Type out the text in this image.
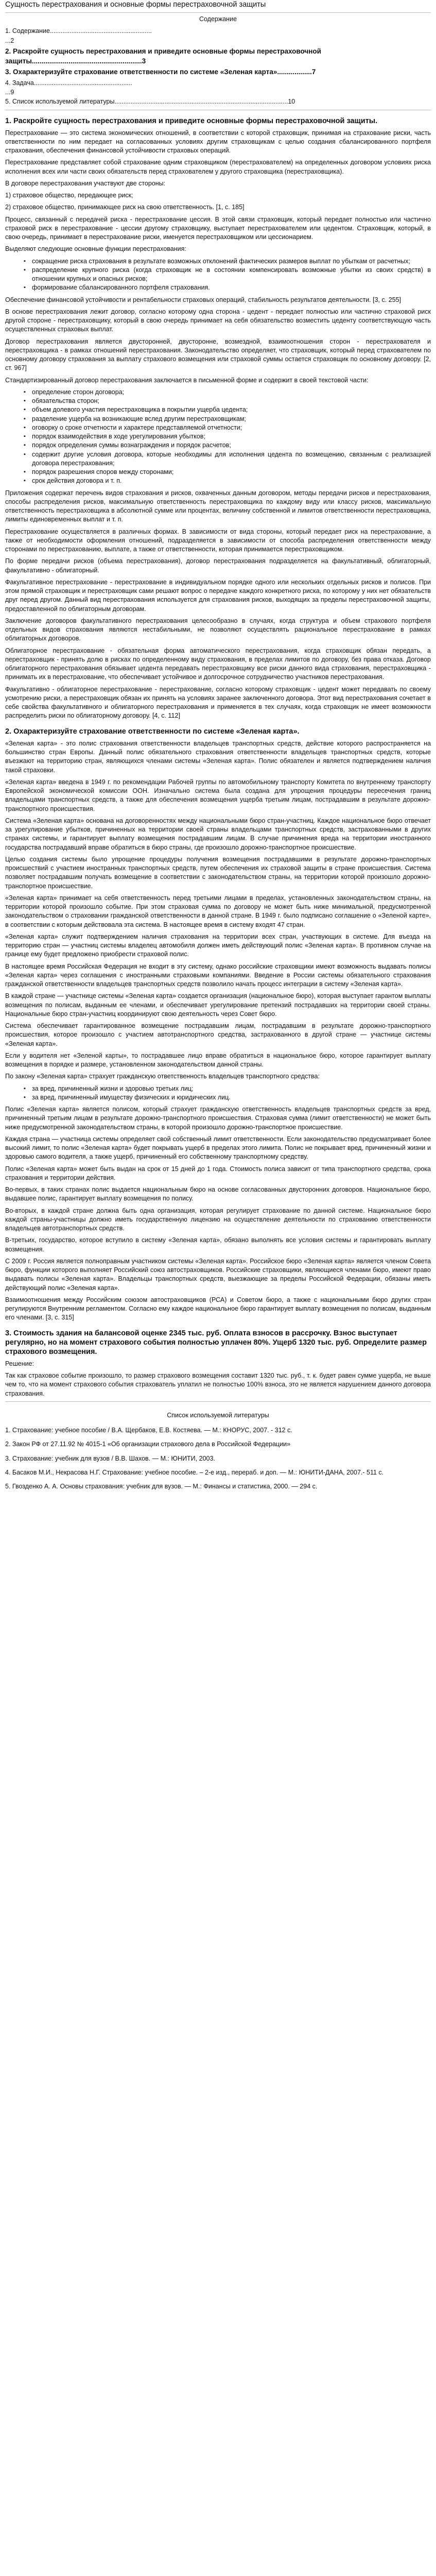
Сущность перестрахования и основные формы перестраховочной защиты
Содержание
1. Содержание.........................................................
...2
2. Раскройте сущность перестрахования и приведите основные формы перестраховочной защиты.........................................................3
3. Охарактеризуйте страхование ответственности по системе «Зеленая карта»..................7
4. Задача.......................................................
...9
5. Список используемой литературы.................................................................................................10
1. Раскройте сущность перестрахования и приведите основные формы перестраховочной защиты.

Перестрахование — это система экономических отношений, в соответствии с которой страховщик, принимая на страхование риски, часть ответственности по ним передает на согласованных условиях другим страховщикам с целью создания сбалансированного портфеля страхования, обеспечения финансовой устойчивости страховых операций.

Перестрахование представляет собой страхование одним страховщиком (перестрахователем) на определенных договором условиях риска исполнения всех или части своих обязательств перед страхователем у другого страховщика (перестраховщика).

В договоре перестрахования участвуют две стороны:

1) страховое общество, передающее риск;

2) страховое общество, принимающее риск на свою ответственность. [1, с. 185]

Процесс, связанный с передачей риска - перестрахование цессия. В этой связи страховщик, который передает полностью или частично страховой риск в перестрахование - цессии другому страховщику, выступает перестрахователем или цедентом. Страховщик, который, в свою очередь, принимает в перестрахование риски, именуется перестраховщиком или цессионарием.

Выделяют следующие основные функции перестрахования:

▪ сокращение риска страхования в результате возможных отклонений фактических размеров выплат по убыткам от расчетных;
▪ распределение крупного риска (когда страховщик не в состоянии компенсировать возможные убытки из своих средств) в отношении крупных и опасных рисков;
▪ формирование сбалансированного портфеля страхования.

Обеспечение финансовой устойчивости и рентабельности страховых операций, стабильность результатов деятельности. [3, с. 255]

В основе перестрахования лежит договор, согласно которому одна сторона - цедент - передает полностью или частично страховой риск другой стороне - перестраховщику, который в свою очередь принимает на себя обязательство возместить цеденту соответствующую часть осуществленных страховых выплат.

Договор перестрахования является двусторонней, двусторонне, возмездной, взаимоотношения сторон - перестрахователя и перестраховщика - в рамках отношений перестрахования. Законодательство определяет, что страховщик, который перед страхователем по основному договору страхования за выплату страхового возмещения или страховой суммы остается страховщик по основному договору. [2, ст. 967]

Стандартизированный договор перестрахования заключается в письменной форме и содержит в своей текстовой части:

▪ определение сторон договора;
▪ обязательства сторон;
▪ объем долевого участия перестраховщика в покрытии ущерба цедента;
▪ разделение ущерба на возникающие вслед другим перестраховщикам;
▪ оговорку о сроке отчетности и характере представляемой отчетности;
▪ порядок взаимодействия в ходе урегулирования убытков;
▪ порядок определения суммы вознаграждения и порядок расчетов;
▪ содержит другие условия договора, которые необходимы для исполнения цедента по возмещению, связанным с реализацией договора перестрахования;
▪ порядок разрешения споров между сторонами;
▪ срок действия договора и т. п.

Приложения содержат перечень видов страхования и рисков, охваченных данным договором, методы передачи рисков и перестрахования, способы распределения рисков, максимальную ответственность перестраховщика по каждому виду или классу рисков, максимальную ответственность перестраховщика в абсолютной сумме или процентах, величину собственной и лимитов ответственности перестраховщика, лимиты единовременных выплат и т. п.

Перестрахование осуществляется в различных формах. В зависимости от вида стороны, который передает риск на перестрахование, а также от необходимости оформления отношений, подразделяется в зависимости от способа распределения ответственности между сторонами по перестрахованию, выплате, а также от ответственности, которая принимается перестраховщиком.

По форме передачи рисков (объема перестрахования), договор перестрахования подразделяется на факультативный, облигаторный, факультативно - облигаторный.

Факультативное перестрахование - перестрахование в индивидуальном порядке одного или нескольких отдельных рисков и полисов. При этом прямой страховщик и перестраховщик сами решают вопрос о передаче каждого конкретного риска, по которому у них нет обязательств друг перед другом. Данный вид перестрахования используется для страхования рисков, выходящих за пределы перестраховочной защиты, предоставленной по облигаторным договорам.

Заключение договоров факультативного перестрахования целесообразно в случаях, когда структура и объем страхового портфеля отдельных видов страхования являются нестабильными, не позволяют осуществлять рациональное перестрахование в рамках облигаторных договоров.

Облигаторное перестрахование - обязательная форма автоматического перестрахования, когда страховщик обязан передать, а перестраховщик - принять долю в рисках по определенному виду страхования, в пределах лимитов по договору, без права отказа. Договор облигаторного перестрахования обязывает цедента передавать перестраховщику все риски данного вида страхования, перестраховщика - принимать их в перестрахование, что обеспечивает устойчивое и долгосрочное сотрудничество участников перестрахования.

Факультативно - облигаторное перестрахование - перестрахование, согласно которому страховщик - цедент может передавать по своему усмотрению риски, а перестраховщик обязан их принять на условиях заранее заключенного договора. Этот вид перестрахования сочетает в себе свойства факультативного и облигаторного перестрахования и применяется в тех случаях, когда страховщик не имеет возможности распределить риски по облигаторному договору. [4, с. 112]

2. Охарактеризуйте страхование ответственности по системе «Зеленая карта».

«Зеленая карта» - это полис страхования ответственности владельцев транспортных средств, действие которого распространяется на большинство стран Европы. Данный полис обязательного страхования ответственности владельцев транспортных средств, которые въезжают на территорию стран, являющихся членами системы «Зеленая карта». Полис обязателен и является подтверждением наличия такой страховки.

«Зеленая карта» введена в 1949 г. по рекомендации Рабочей группы по автомобильному транспорту Комитета по внутреннему транспорту Европейской экономической комиссии ООН. Изначально система была создана для упрощения процедуры пересечения границ владельцами транспортных средств, а также для обеспечения возмещения ущерба третьим лицам, пострадавшим в результате дорожно-транспортного происшествия.

Система «Зеленая карта» основана на договоренностях между национальными бюро стран-участниц. Каждое национальное бюро отвечает за урегулирование убытков, причиненных на территории своей страны владельцами транспортных средств, застрахованными в других странах системы, и гарантирует выплату возмещения пострадавшим лицам. В случае причинения вреда на территории иностранного государства пострадавший вправе обратиться в бюро страны, где произошло дорожно-транспортное происшествие.

Целью создания системы было упрощение процедуры получения возмещения пострадавшими в результате дорожно-транспортных происшествий с участием иностранных транспортных средств, путем обеспечения их страховой защиты в стране происшествия. Система позволяет пострадавшим получать возмещение в соответствии с законодательством страны, на территории которой произошло дорожно-транспортное происшествие.

«Зеленая карта» принимает на себя ответственность перед третьими лицами в пределах, установленных законодательством страны, на территории которой произошло событие. При этом страховая сумма по договору не может быть ниже минимальной, предусмотренной законодательством о страховании гражданской ответственности в данной стране. В 1949 г. было подписано соглашение о «Зеленой карте», в соответствии с которым действовала эта система. В настоящее время в систему входят 47 стран.

«Зеленая карта» служит подтверждением наличия страхования на территории всех стран, участвующих в системе. Для въезда на территорию стран — участниц системы владелец автомобиля должен иметь действующий полис «Зеленая карта». В противном случае на границе ему будет предложено приобрести страховой полис.

В настоящее время Российская Федерация не входит в эту систему, однако российские страховщики имеют возможность выдавать полисы «Зеленая карта» через соглашения с иностранными страховыми компаниями. Введение в России системы обязательного страхования гражданской ответственности владельцев транспортных средств позволило начать процесс интеграции в систему «Зеленая карта».

В каждой стране — участнице системы «Зеленая карта» создается организация (национальное бюро), которая выступает гарантом выплаты возмещения по полисам, выданным ее членами, и обеспечивает урегулирование претензий пострадавших на территории своей страны. Национальные бюро стран-участниц координируют свою деятельность через Совет бюро.

Система обеспечивает гарантированное возмещение пострадавшим лицам, пострадавшим в результате дорожно-транспортного происшествия, которое произошло с участием автотранспортного средства, застрахованного в другой стране — участнице системы «Зеленая карта».

Если у водителя нет «Зеленой карты», то пострадавшее лицо вправе обратиться в национальное бюро, которое гарантирует выплату возмещения в порядке и размере, установленном законодательством данной страны.

По закону «Зеленая карта» страхует гражданскую ответственность владельцев транспортного средства:

▪ за вред, причиненный жизни и здоровью третьих лиц;
▪ за вред, причиненный имуществу физических и юридических лиц.

Полис «Зеленая карта» является полисом, который страхует гражданскую ответственность владельцев транспортных средств за вред, причиненный третьим лицам в результате дорожно-транспортного происшествия. Страховая сумма (лимит ответственности) не может быть ниже предусмотренной законодательством страны, в которой произошло дорожно-транспортное происшествие.

Каждая страна — участница системы определяет свой собственный лимит ответственности. Если законодательство предусматривает более высокий лимит, то полис «Зеленая карта» будет покрывать ущерб в пределах этого лимита. Полис не покрывает вред, причиненный жизни и здоровью самого водителя, а также ущерб, причиненный его собственному транспортному средству.

Полис «Зеленая карта» может быть выдан на срок от 15 дней до 1 года. Стоимость полиса зависит от типа транспортного средства, срока страхования и территории действия.

Во-первых, в таких странах полис выдается национальным бюро на основе согласованных двусторонних договоров. Национальное бюро, выдавшее полис, гарантирует выплату возмещения по полису.

Во-вторых, в каждой стране должна быть одна организация, которая регулирует страхование по данной системе. Национальное бюро каждой страны-участницы должно иметь государственную лицензию на осуществление деятельности по страхованию ответственности владельцев автотранспортных средств.

В-третьих, государство, которое вступило в систему «Зеленая карта», обязано выполнять все условия системы и гарантировать выплату возмещения.

С 2009 г. Россия является полноправным участником системы «Зеленая карта». Российское бюро «Зеленая карта» является членом Совета бюро, функции которого выполняет Российский союз автостраховщиков. Российские страховщики, являющиеся членами бюро, имеют право выдавать полисы «Зеленая карта». Владельцы транспортных средств, выезжающие за пределы Российской Федерации, обязаны иметь действующий полис «Зеленая карта».

Взаимоотношения между Российским союзом автостраховщиков (РСА) и Советом бюро, а также с национальными бюро других стран регулируются Внутренним регламентом. Согласно ему каждое национальное бюро гарантирует выплату возмещения по полисам, выданным его членами. [3, с. 315]

3. Стоимость здания на балансовой оценке 2345 тыс. руб. Оплата взносов в рассрочку. Взнос выступает регулярно, но на момент страхового события полностью уплачен 80%. Ущерб 1320 тыс. руб. Определите размер страхового возмещения.

Решение:

Так как страховое событие произошло, то размер страхового возмещения составит 1320 тыс. руб., т. к. будет равен сумме ущерба, не выше чем то, что на момент страхового события страхователь уплатил не полностью 100% взноса, это не является нарушением данного договора страхования.

Список используемой литературы
1. Страхование: учебное пособие / В.А. Щербаков, Е.В. Костяева. — М.: КНОРУС, 2007. - 312 с.
2. Закон РФ от 27.11.92 № 4015-1 «Об организации страхового дела в Российской Федерации»
3. Страхование: учебник для вузов / В.В. Шахов. — М.: ЮНИТИ, 2003.
4. Басаков М.И., Некрасова Н.Г. Страхование: учебное пособие. – 2-е изд., перераб. и доп. — М.: ЮНИТИ-ДАНА, 2007.- 511 с.
5. Гвозденко А. А. Основы страхования: учебник для вузов. — М.: Финансы и статистика, 2000. — 294 с.
